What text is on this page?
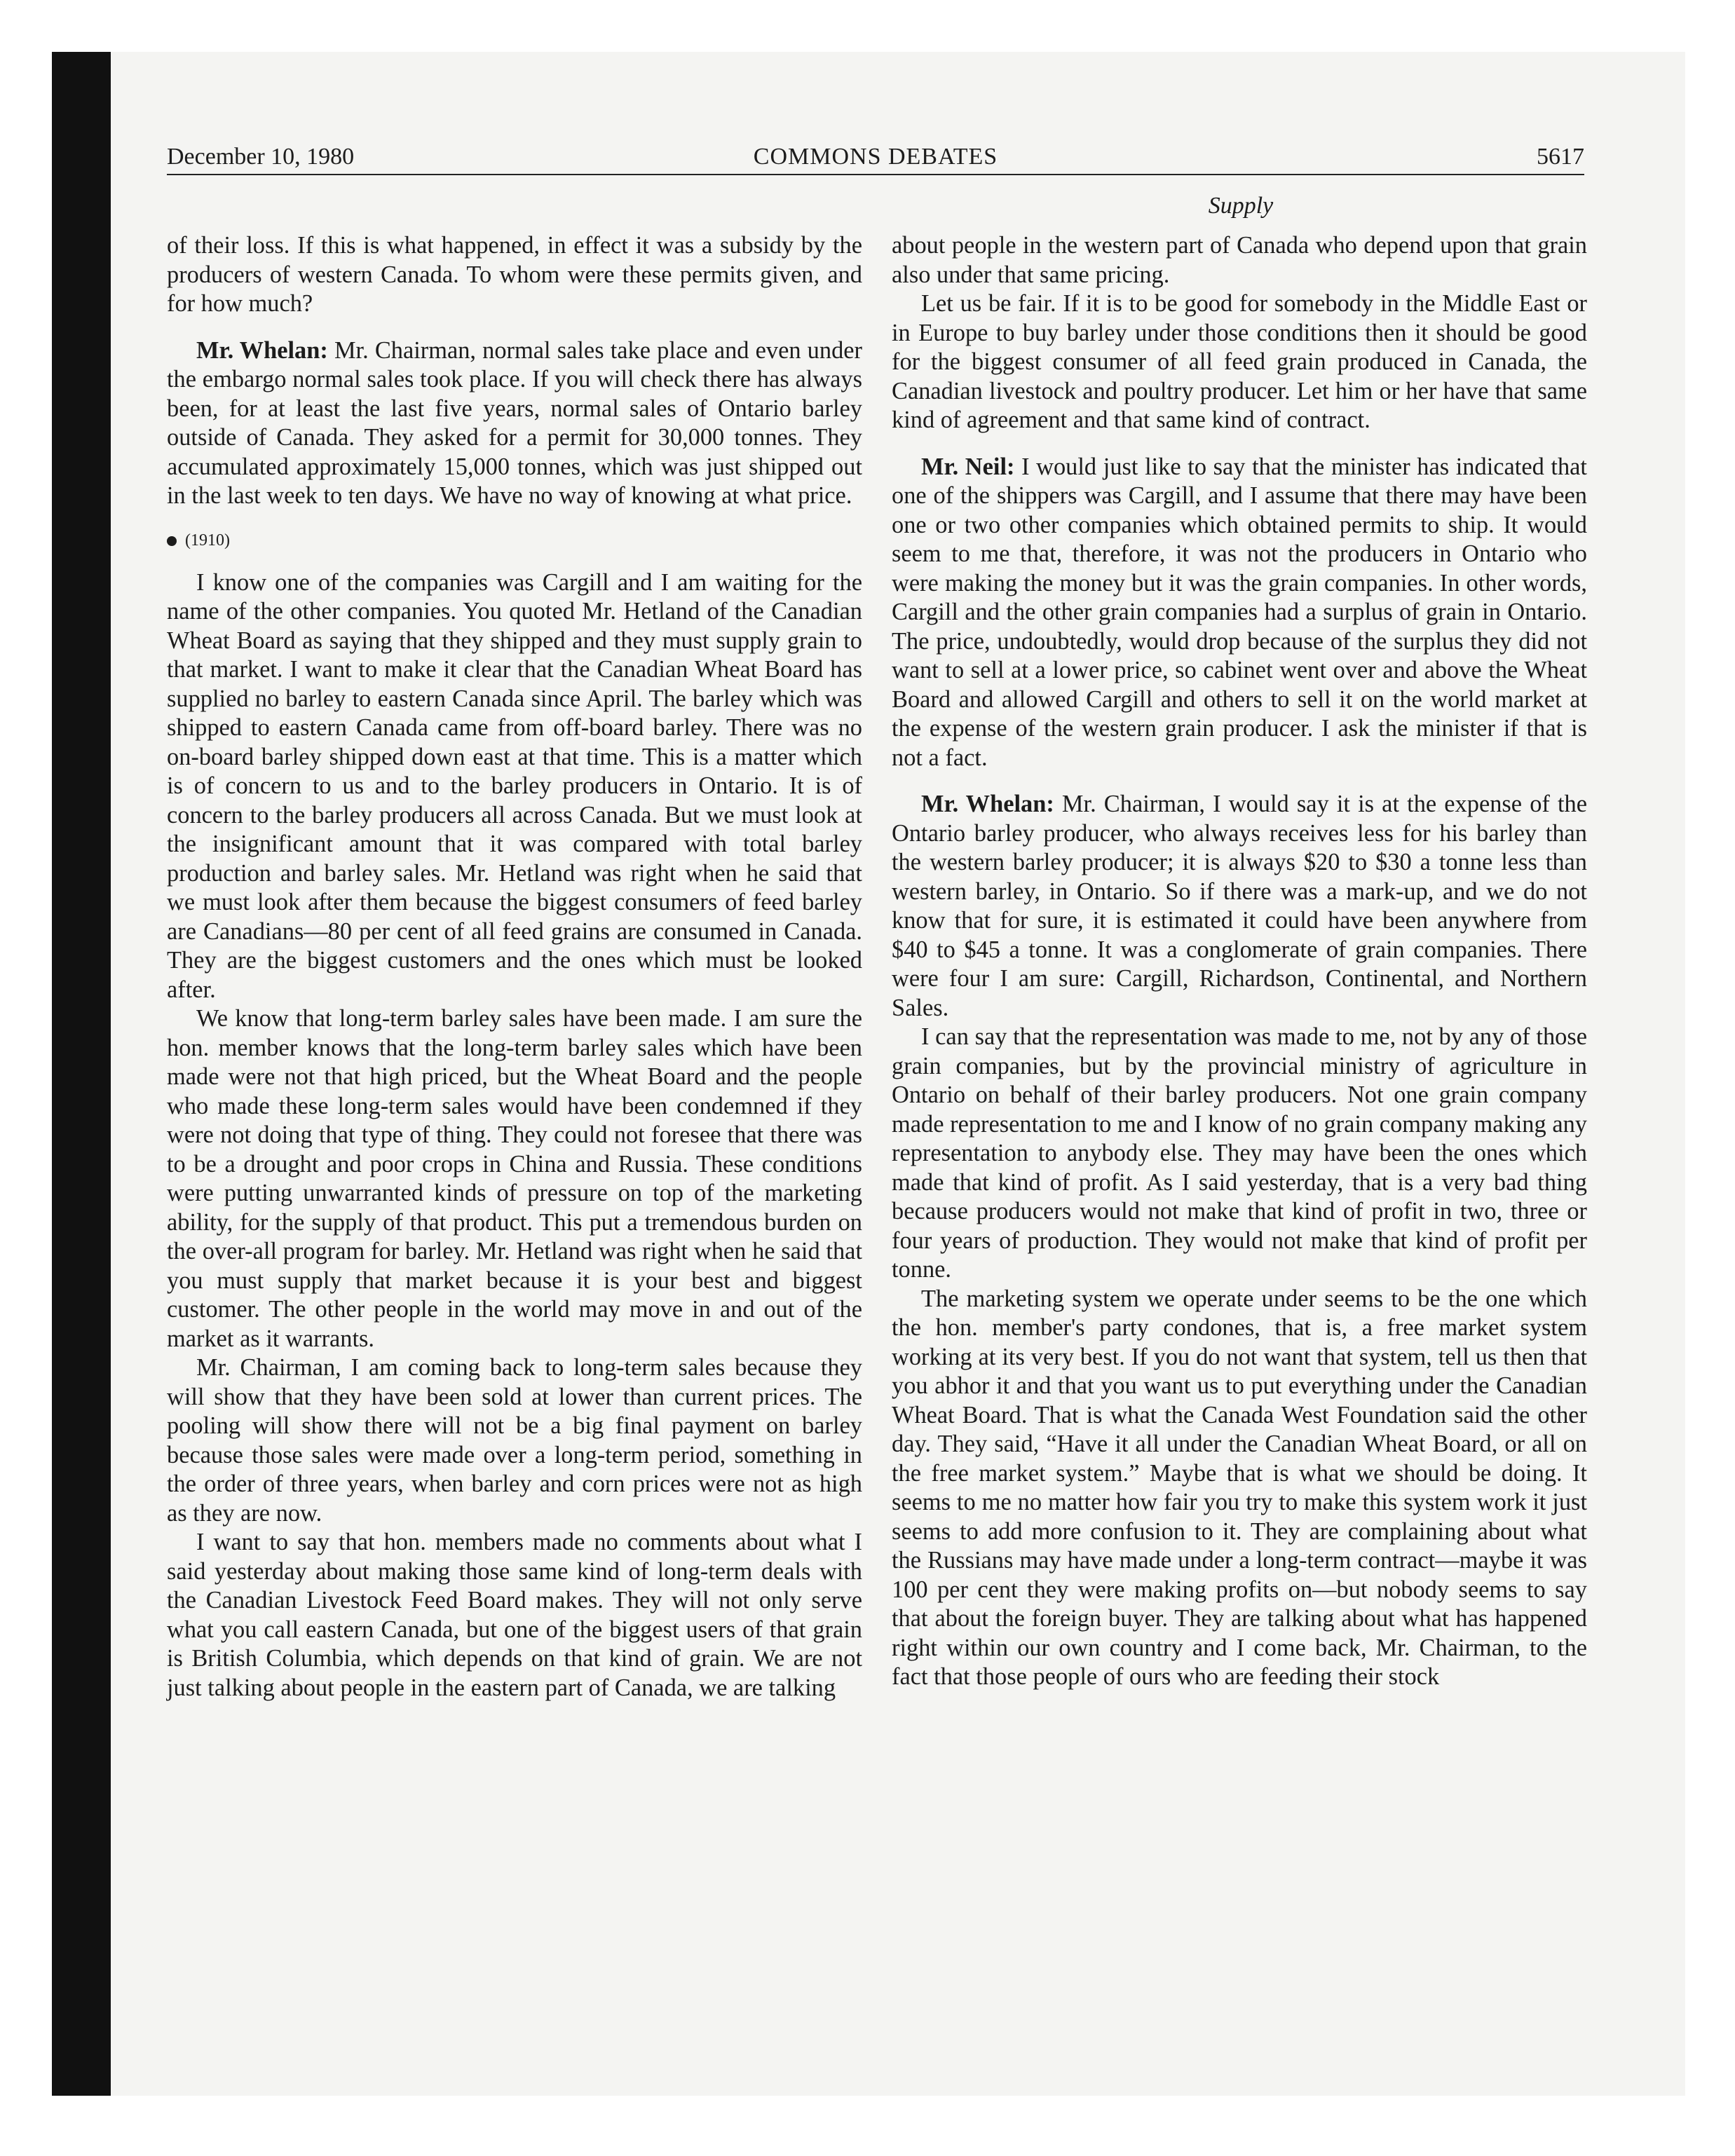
December 10, 1980	COMMONS DEBATES	5617
Supply

of their loss. If this is what happened, in effect it was a subsidy by the producers of western Canada. To whom were these permits given, and for how much?

Mr. Whelan: Mr. Chairman, normal sales take place and even under the embargo normal sales took place. If you will check there has always been, for at least the last five years, normal sales of Ontario barley outside of Canada. They asked for a permit for 30,000 tonnes. They accumulated approximately 15,000 tonnes, which was just shipped out in the last week to ten days. We have no way of knowing at what price.

(1910)

I know one of the companies was Cargill and I am waiting for the name of the other companies. You quoted Mr. Hetland of the Canadian Wheat Board as saying that they shipped and they must supply grain to that market. I want to make it clear that the Canadian Wheat Board has supplied no barley to eastern Canada since April. The barley which was shipped to eastern Canada came from off-board barley. There was no on-board barley shipped down east at that time. This is a matter which is of concern to us and to the barley producers in Ontario. It is of concern to the barley producers all across Canada. But we must look at the insignificant amount that it was compared with total barley production and barley sales. Mr. Hetland was right when he said that we must look after them because the biggest consumers of feed barley are Canadians—80 per cent of all feed grains are consumed in Canada. They are the biggest customers and the ones which must be looked after.

We know that long-term barley sales have been made. I am sure the hon. member knows that the long-term barley sales which have been made were not that high priced, but the Wheat Board and the people who made these long-term sales would have been condemned if they were not doing that type of thing. They could not foresee that there was to be a drought and poor crops in China and Russia. These conditions were putting unwarranted kinds of pressure on top of the marketing ability, for the supply of that product. This put a tremendous burden on the over-all program for barley. Mr. Hetland was right when he said that you must supply that market because it is your best and biggest customer. The other people in the world may move in and out of the market as it warrants.

Mr. Chairman, I am coming back to long-term sales because they will show that they have been sold at lower than current prices. The pooling will show there will not be a big final payment on barley because those sales were made over a long-term period, something in the order of three years, when barley and corn prices were not as high as they are now.

I want to say that hon. members made no comments about what I said yesterday about making those same kind of long-term deals with the Canadian Livestock Feed Board makes. They will not only serve what you call eastern Canada, but one of the biggest users of that grain is British Columbia, which depends on that kind of grain. We are not just talking about people in the eastern part of Canada, we are talking

about people in the western part of Canada who depend upon that grain also under that same pricing.

Let us be fair. If it is to be good for somebody in the Middle East or in Europe to buy barley under those conditions then it should be good for the biggest consumer of all feed grain produced in Canada, the Canadian livestock and poultry producer. Let him or her have that same kind of agreement and that same kind of contract.

Mr. Neil: I would just like to say that the minister has indicated that one of the shippers was Cargill, and I assume that there may have been one or two other companies which obtained permits to ship. It would seem to me that, therefore, it was not the producers in Ontario who were making the money but it was the grain companies. In other words, Cargill and the other grain companies had a surplus of grain in Ontario. The price, undoubtedly, would drop because of the surplus they did not want to sell at a lower price, so cabinet went over and above the Wheat Board and allowed Cargill and others to sell it on the world market at the expense of the western grain producer. I ask the minister if that is not a fact.

Mr. Whelan: Mr. Chairman, I would say it is at the expense of the Ontario barley producer, who always receives less for his barley than the western barley producer; it is always $20 to $30 a tonne less than western barley, in Ontario. So if there was a mark-up, and we do not know that for sure, it is estimated it could have been anywhere from $40 to $45 a tonne. It was a conglomerate of grain companies. There were four I am sure: Cargill, Richardson, Continental, and Northern Sales.

I can say that the representation was made to me, not by any of those grain companies, but by the provincial ministry of agriculture in Ontario on behalf of their barley producers. Not one grain company made representation to me and I know of no grain company making any representation to anybody else. They may have been the ones which made that kind of profit. As I said yesterday, that is a very bad thing because producers would not make that kind of profit in two, three or four years of production. They would not make that kind of profit per tonne.

The marketing system we operate under seems to be the one which the hon. member's party condones, that is, a free market system working at its very best. If you do not want that system, tell us then that you abhor it and that you want us to put everything under the Canadian Wheat Board. That is what the Canada West Foundation said the other day. They said, “Have it all under the Canadian Wheat Board, or all on the free market system.” Maybe that is what we should be doing. It seems to me no matter how fair you try to make this system work it just seems to add more confusion to it. They are complaining about what the Russians may have made under a long-term contract—maybe it was 100 per cent they were making profits on—but nobody seems to say that about the foreign buyer. They are talking about what has happened right within our own country and I come back, Mr. Chairman, to the fact that those people of ours who are feeding their stock
